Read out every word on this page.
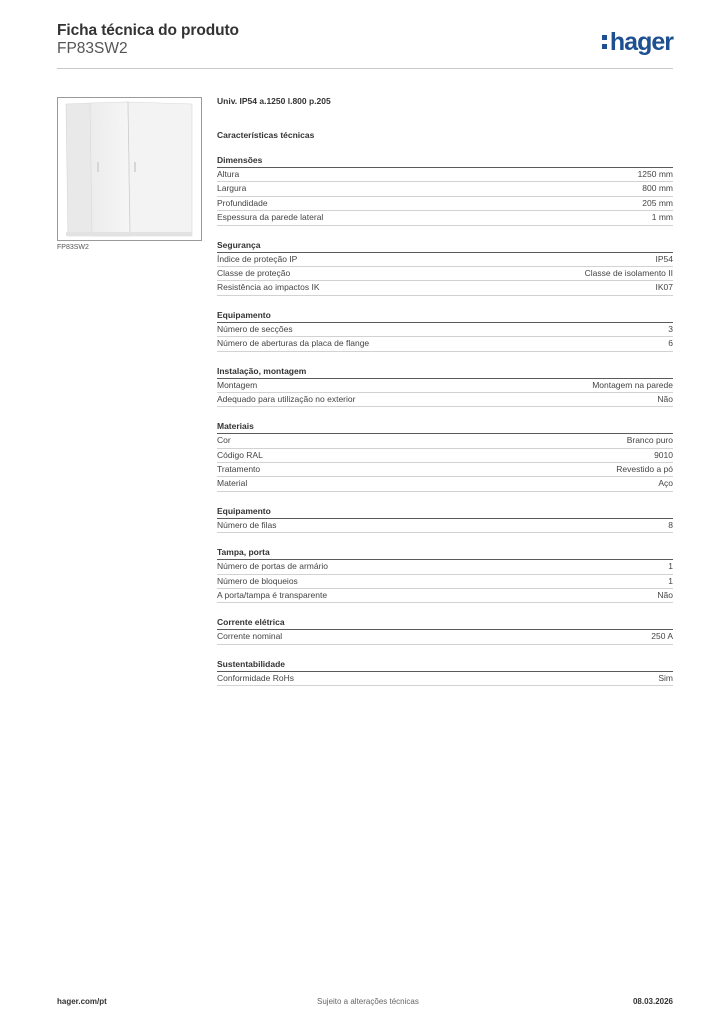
Ficha técnica do produto
FP83SW2	hager
FP83SW2
Univ. IP54 a.1250 l.800 p.205
Características técnicas
Dimensões
Altura	1250 mm
Largura	800 mm
Profundidade	205 mm
Espessura da parede lateral	1 mm
Segurança
Índice de proteção IP	IP54
Classe de proteção	Classe de isolamento II
Resistência ao impactos IK	IK07
Equipamento
Número de secções	3
Número de aberturas da placa de flange	6
Instalação, montagem
Montagem	Montagem na parede
Adequado para utilização no exterior	Não
Materiais
Cor	Branco puro
Código RAL	9010
Tratamento	Revestido a pó
Material	Aço
Equipamento
Número de filas	8
Tampa, porta
Número de portas de armário	1
Número de bloqueios	1
A porta/tampa é transparente	Não
Corrente elétrica
Corrente nominal	250 A
Sustentabilidade
Conformidade RoHs	Sim
hager.com/pt	Sujeito a alterações técnicas	08.03.2026
